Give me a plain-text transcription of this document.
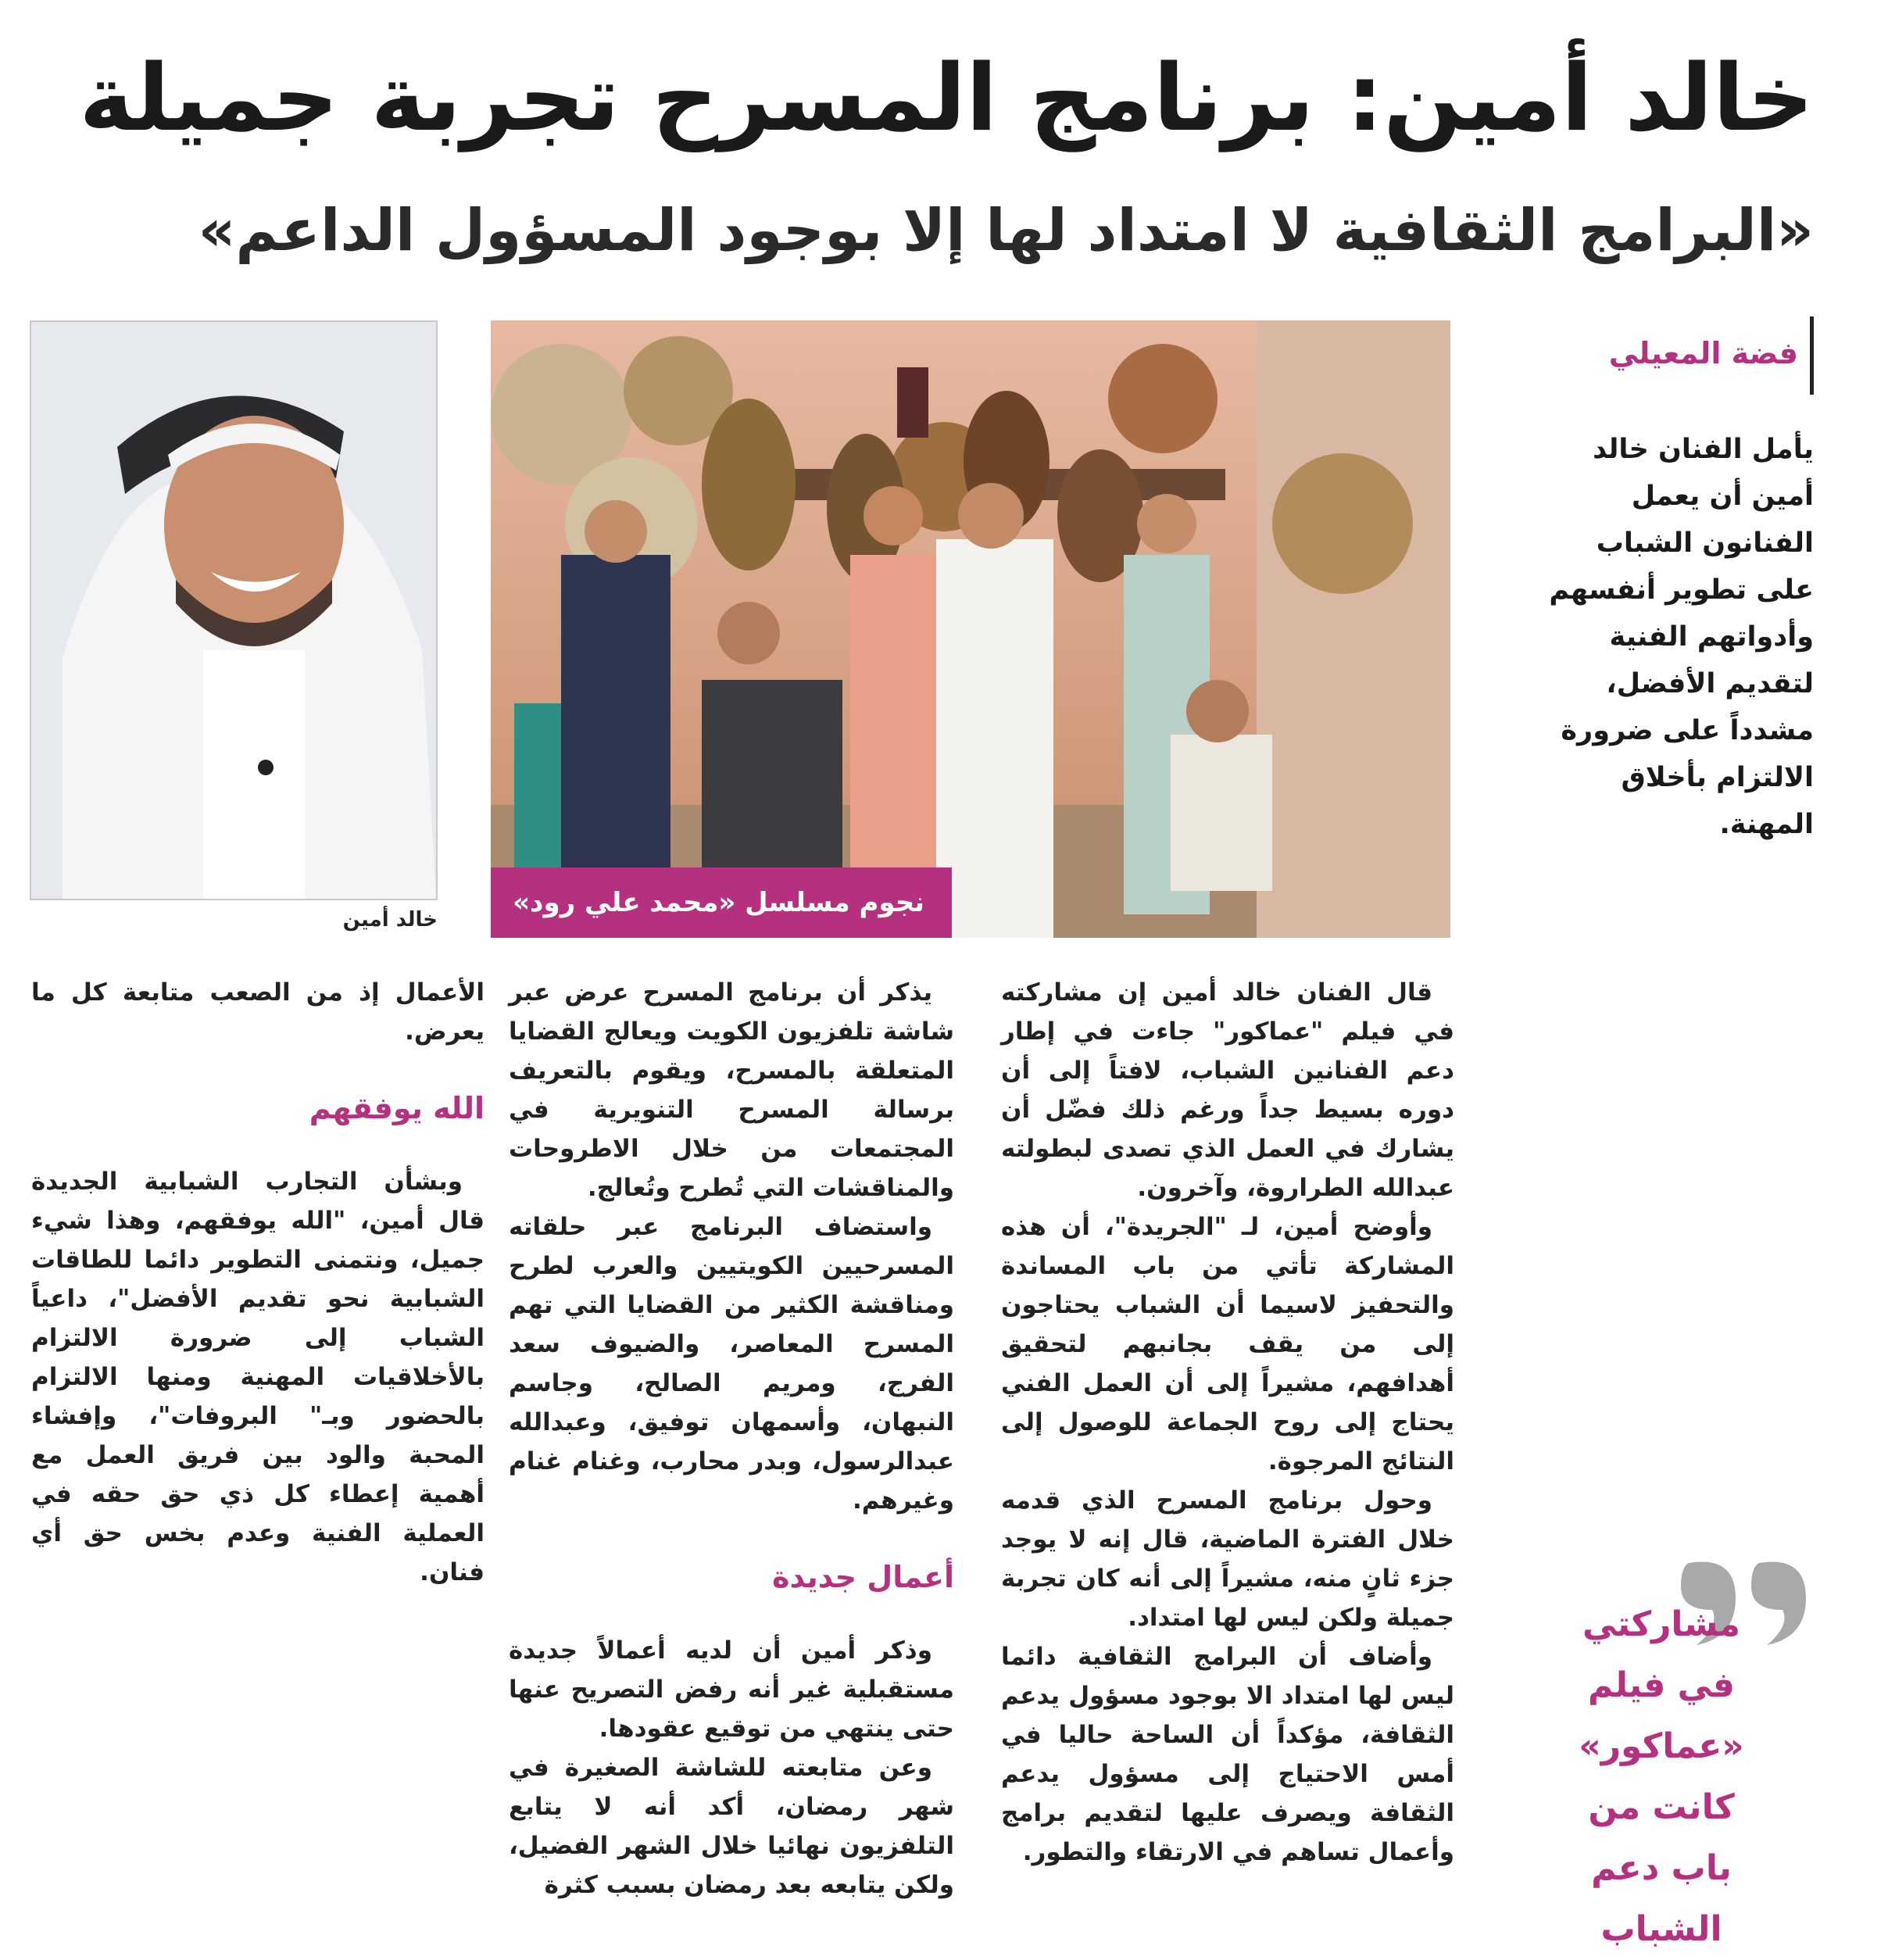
خالد أمين: برنامج المسرح تجربة جميلة
«البرامج الثقافية لا امتداد لها إلا بوجود المسؤول الداعم»
فضة المعيلي
يأمل الفنان خالد أمين أن يعمل الفنانون الشباب على تطوير أنفسهم وأدواتهم الفنية لتقديم الأفضل، مشدداً على ضرورة الالتزام بأخلاق المهنة.
نجوم مسلسل «محمد علي رود»
خالد أمين

قال الفنان خالد أمين إن مشاركته في فيلم "عماكور" جاءت في إطار دعم الفنانين الشباب، لافتاً إلى أن دوره بسيط جداً ورغم ذلك فضّل أن يشارك في العمل الذي تصدى لبطولته عبدالله الطراروة، وآخرون.

وأوضح أمين، لـ "الجريدة"، أن هذه المشاركة تأتي من باب المساندة والتحفيز لاسيما أن الشباب يحتاجون إلى من يقف بجانبهم لتحقيق أهدافهم، مشيراً إلى أن العمل الفني يحتاج إلى روح الجماعة للوصول إلى النتائج المرجوة.

وحول برنامج المسرح الذي قدمه خلال الفترة الماضية، قال إنه لا يوجد جزء ثانٍ منه، مشيراً إلى أنه كان تجربة جميلة ولكن ليس لها امتداد.

وأضاف أن البرامج الثقافية دائما ليس لها امتداد الا بوجود مسؤول يدعم الثقافة، مؤكداً أن الساحة حاليا في أمس الاحتياج إلى مسؤول يدعم الثقافة ويصرف عليها لتقديم برامج وأعمال تساهم في الارتقاء والتطور.

يذكر أن برنامج المسرح عرض عبر شاشة تلفزيون الكويت ويعالج القضايا المتعلقة بالمسرح، ويقوم بالتعريف برسالة المسرح التنويرية في المجتمعات من خلال الاطروحات والمناقشات التي تُطرح وتُعالج.

واستضاف البرنامج عبر حلقاته المسرحيين الكويتيين والعرب لطرح ومناقشة الكثير من القضايا التي تهم المسرح المعاصر، والضيوف سعد الفرج، ومريم الصالح، وجاسم النبهان، وأسمهان توفيق، وعبدالله عبدالرسول، وبدر محارب، وغنام غنام وغيرهم.

أعمال جديدة

وذكر أمين أن لديه أعمالاً جديدة مستقبلية غير أنه رفض التصريح عنها حتى ينتهي من توقيع عقودها.

وعن متابعته للشاشة الصغيرة في شهر رمضان، أكد أنه لا يتابع التلفزيون نهائيا خلال الشهر الفضيل، ولكن يتابعه بعد رمضان بسبب كثرة

الأعمال إذ من الصعب متابعة كل ما يعرض.

الله يوفقهم

وبشأن التجارب الشبابية الجديدة قال أمين، "الله يوفقهم، وهذا شيء جميل، ونتمنى التطوير دائما للطاقات الشبابية نحو تقديم الأفضل"، داعياً الشباب إلى ضرورة الالتزام بالأخلاقيات المهنية ومنها الالتزام بالحضور وبـ" البروفات"، وإفشاء المحبة والود بين فريق العمل مع أهمية إعطاء كل ذي حق حقه في العملية الفنية وعدم بخس حق أي فنان.

مشاركتي في فيلم «عماكور» كانت من باب دعم الشباب
